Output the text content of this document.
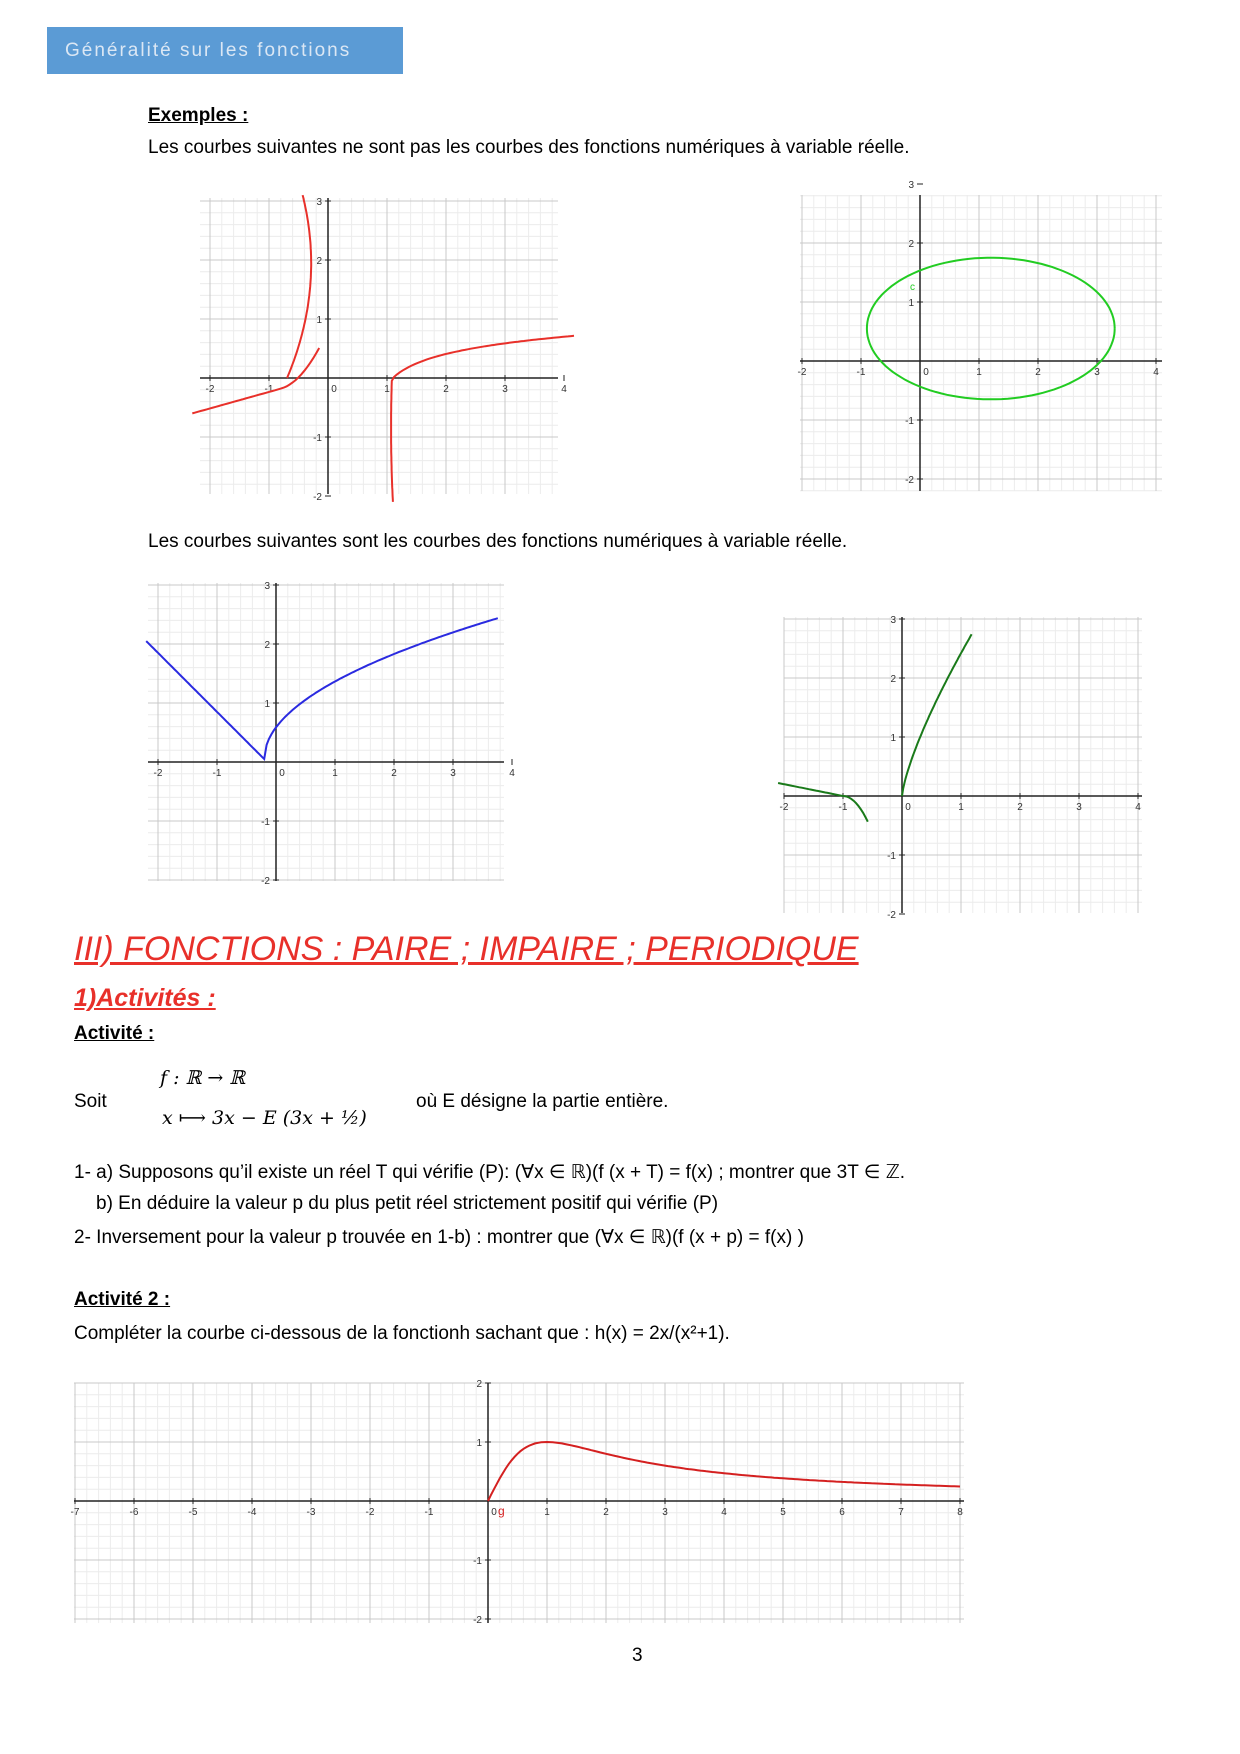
Généralité sur les fonctions
Exemples :
Les courbes suivantes ne sont pas les courbes des fonctions numériques à variable réelle.
-2	-1	0	1	2	3	4
-2
-1
1
2
3
-2	-1	0	1	2	3	4
-2
-1
1
2
3
c
Les courbes suivantes sont les courbes des fonctions numériques à variable réelle.
-2	-1	0	1	2	3	4
-2
-1
1
2
3
-2	-1	0	1	2	3	4
-2
-1
1
2
3
III) FONCTIONS : PAIRE ; IMPAIRE ; PERIODIQUE
1)Activités :
Activité :
Soit
f : ℝ → ℝ
x ⟼ 3x − E (3x + ½)
où E désigne la partie entière.
1- a) Supposons qu’il existe un réel T qui vérifie (P): (∀x ∈ ℝ)(f (x + T) = f(x) ; montrer que 3T ∈ ℤ.
b) En déduire la valeur p du plus petit réel strictement positif qui vérifie (P)
2- Inversement pour la valeur p trouvée en 1-b) : montrer que (∀x ∈ ℝ)(f (x + p) = f(x) )
Activité 2 :
Compléter la courbe ci-dessous de la fonctionh sachant que : h(x) = 2x/(x²+1).
-7	-6	-5	-4	-3	-2	-1	0	1	2	3	4	5	6	7	8
-2
-1
1
2
g
3
